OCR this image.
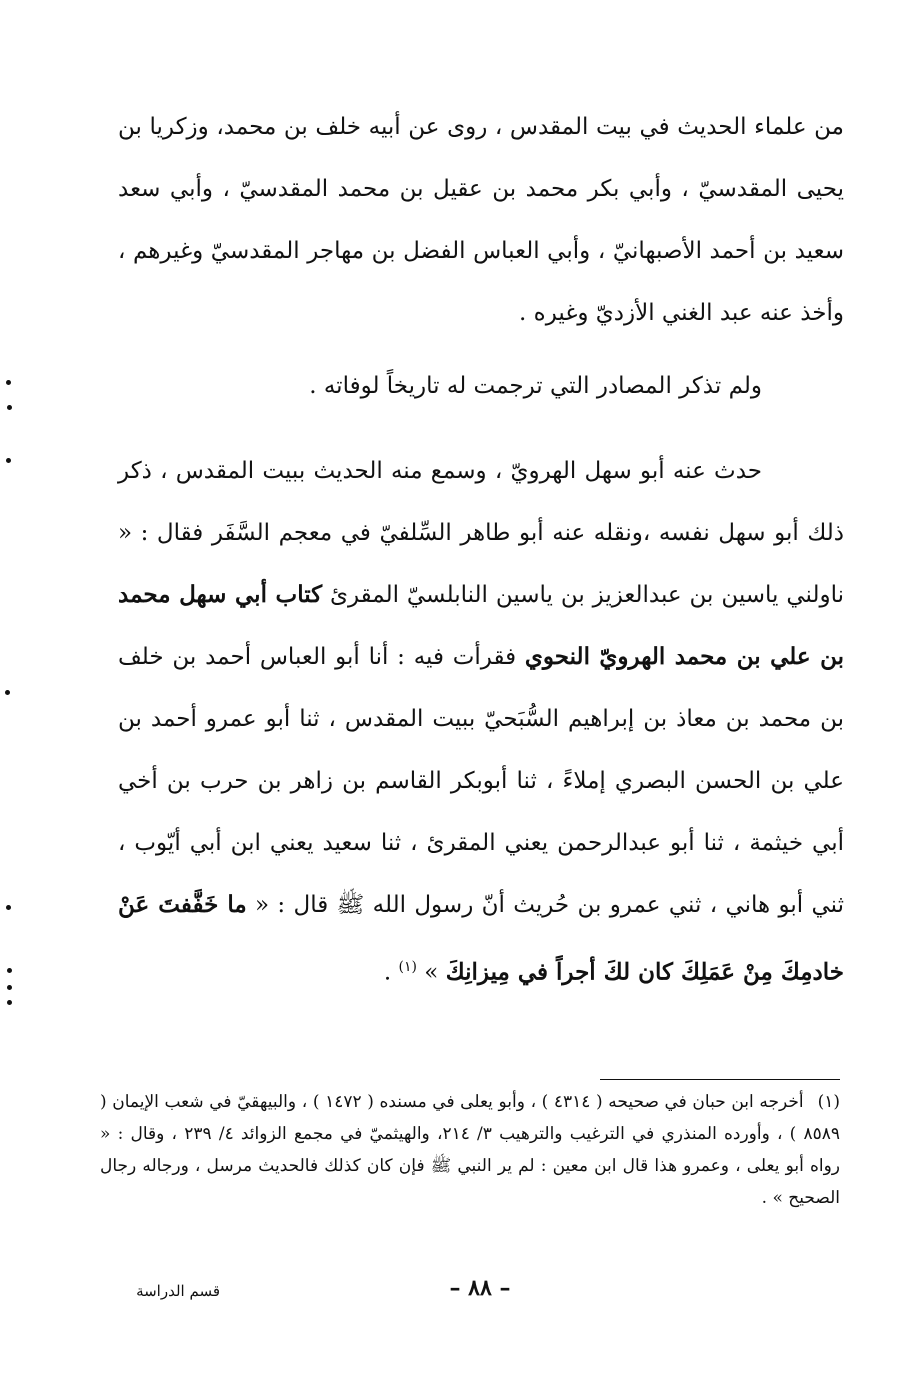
من علماء الحديث في بيت المقدس ، روى عن أبيه خلف بن محمد، وزكريا بن يحيى المقدسيّ ، وأبي بكر محمد بن عقيل بن محمد المقدسيّ ، وأبي سعد سعيد بن أحمد الأصبهانيّ ، وأبي العباس الفضل بن مهاجر المقدسيّ وغيرهم ، وأخذ عنه عبد الغني الأزديّ وغيره .

ولم تذكر المصادر التي ترجمت له تاريخاً لوفاته .

حدث عنه أبو سهل الهرويّ ، وسمع منه الحديث ببيت المقدس ، ذكر ذلك أبو سهل نفسه ،ونقله عنه أبو طاهر السِّلفيّ في معجم السَّفَر فقال : « ناولني ياسين بن عبدالعزيز بن ياسين النابلسيّ المقرئ كتاب أبي سهل محمد بن علي بن محمد الهرويّ النحوي فقرأت فيه : أنا أبو العباس أحمد بن خلف بن محمد بن معاذ بن إبراهيم السُّبَحيّ ببيت المقدس ، ثنا أبو عمرو أحمد بن علي بن الحسن البصري إملاءً ، ثنا أبوبكر القاسم بن زاهر بن حرب بن أخي أبي خيثمة ، ثنا أبو عبدالرحمن يعني المقرئ ، ثنا سعيد يعني ابن أبي أيّوب ، ثني أبو هاني ، ثني عمرو بن حُريث أنّ رسول الله ﷺ قال : « ما خَفَّفتَ عَنْ خادمِكَ مِنْ عَمَلِكَ كان لكَ أجراً في مِيزانِكَ » $^{(١)}$ .

(١)أخرجه ابن حبان في صحيحه ( ٤٣١٤ ) ، وأبو يعلى في مسنده ( ١٤٧٢ ) ، والبيهقيّ في شعب الإيمان ( ٨٥٨٩ ) ، وأورده المنذري في الترغيب والترهيب ٣/ ٢١٤، والهيثميّ في مجمع الزوائد ٤/ ٢٣٩ ، وقال : « رواه أبو يعلى ، وعمرو هذا قال ابن معين : لم ير النبي ﷺ فإن كان كذلك فالحديث مرسل ، ورجاله رجال الصحيح » .

– ٨٨ –
قسم الدراسة
